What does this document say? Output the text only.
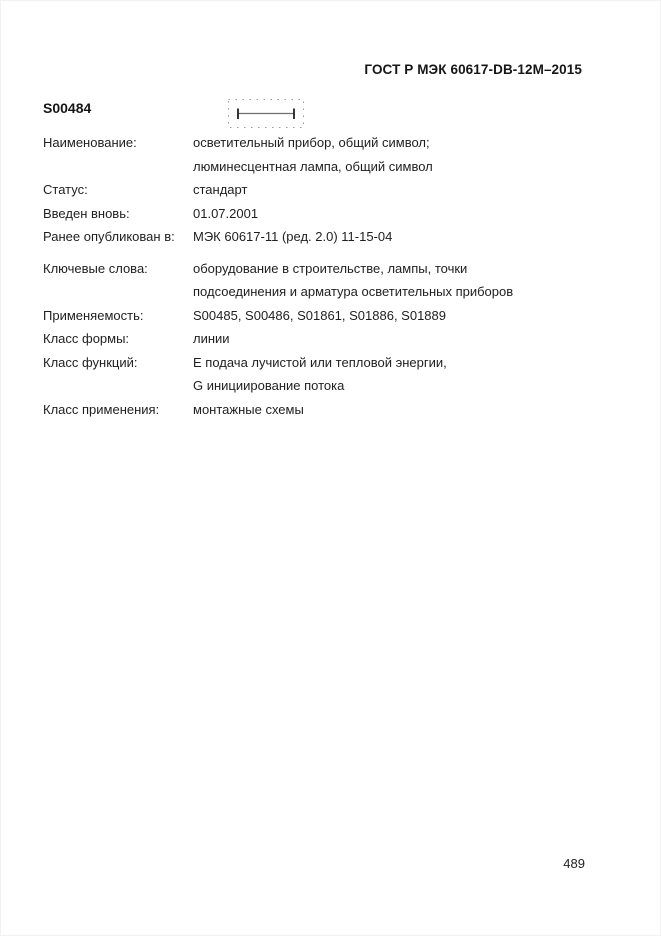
ГОСТ Р МЭК 60617-DB-12M–2015
S00484
Наименование:	осветительный прибор, общий символ;
люминесцентная лампа, общий символ
Статус:	стандарт
Введен вновь:	01.07.2001
Ранее опубликован в:	МЭК 60617-11 (ред. 2.0) 11-15-04
Ключевые слова:	оборудование в строительстве, лампы, точки
подсоединения и арматура осветительных приборов
Применяемость:	S00485, S00486, S01861, S01886, S01889
Класс формы:	линии
Класс функций:	E подача лучистой или тепловой энергии,
G инициирование потока
Класс применения:	монтажные схемы
489
